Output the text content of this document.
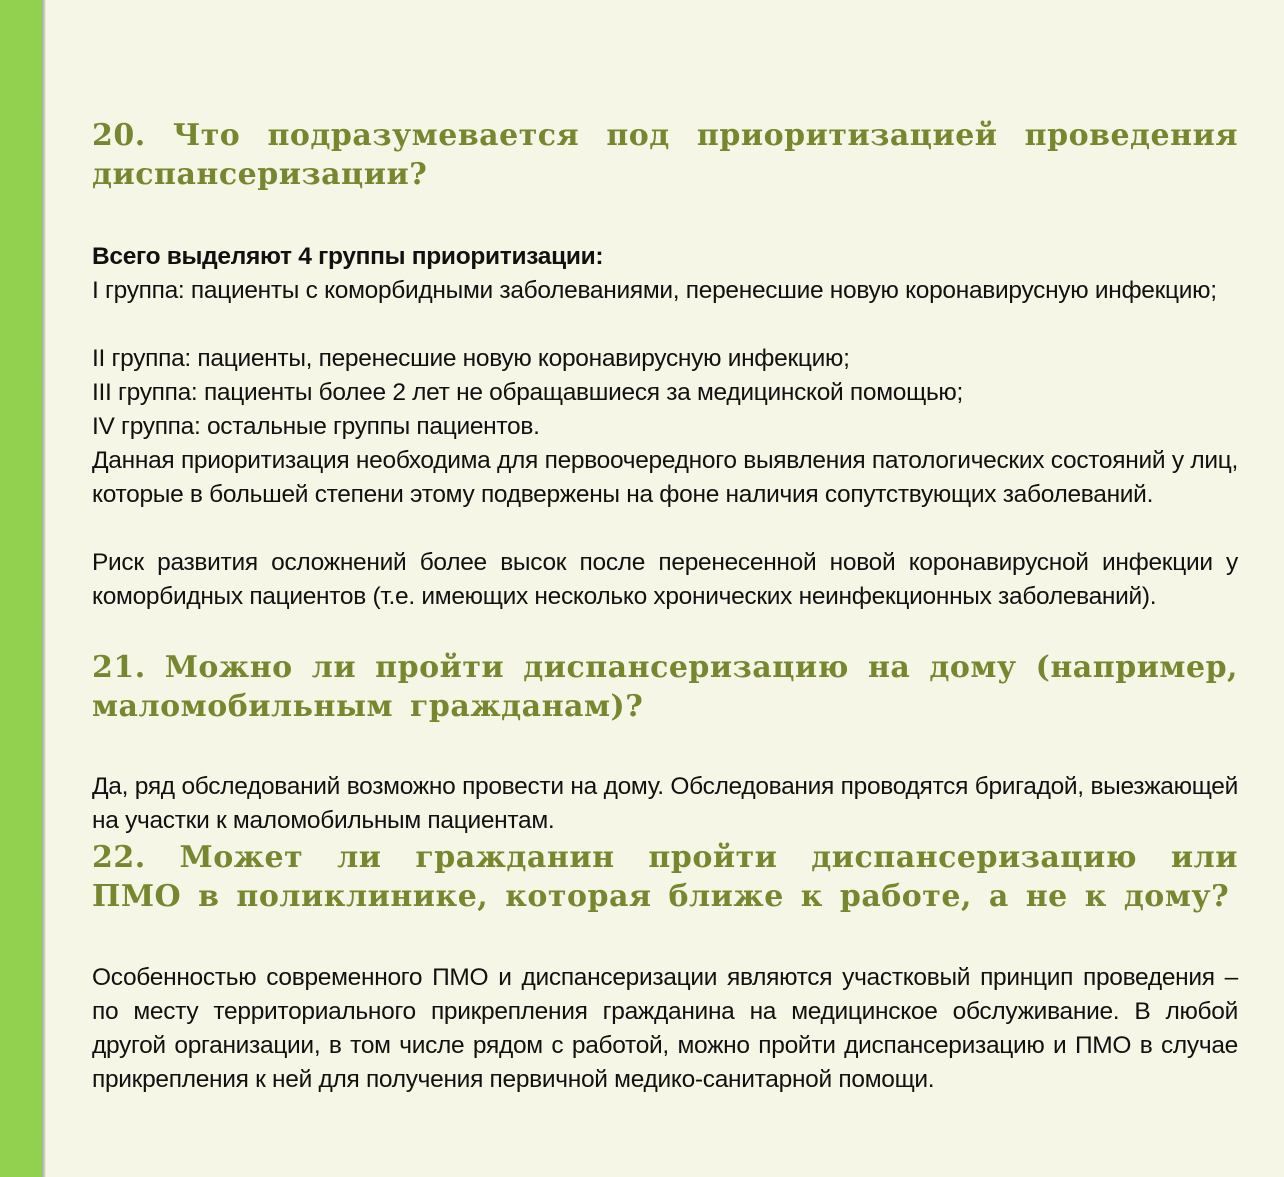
20. Что подразумевается под приоритизацией проведения диспансеризации?

Всего выделяют 4 группы приоритизации:

I группа: пациенты с коморбидными заболеваниями, перенесшие новую коронавирусную инфекцию;

II группа: пациенты, перенесшие новую коронавирусную инфекцию;

III группа: пациенты более 2 лет не обращавшиеся за медицинской помощью;

IV группа: остальные группы пациентов.

Данная приоритизация необходима для первоочередного выявления патологических состояний у лиц, которые в большей степени этому подвержены на фоне наличия сопутствующих заболеваний.

Риск развития осложнений более высок после перенесенной новой коронавирусной инфекции у коморбидных пациентов (т.е. имеющих несколько хронических неинфекционных заболеваний).

21. Можно ли пройти диспансеризацию на дому (например, маломобильным гражданам)?

Да, ряд обследований возможно провести на дому. Обследования проводятся бригадой, выезжающей на участки к маломобильным пациентам.

22. Может ли гражданин пройти диспансеризацию или ПМО в поликлинике, которая ближе к работе, а не к дому?

Особенностью современного ПМО и диспансеризации являются участковый принцип проведения – по месту территориального прикрепления гражданина на медицинское обслуживание. В любой другой организации, в том числе рядом с работой, можно пройти диспансеризацию и ПМО в случае прикрепления к ней для получения первичной медико-санитарной помощи.
